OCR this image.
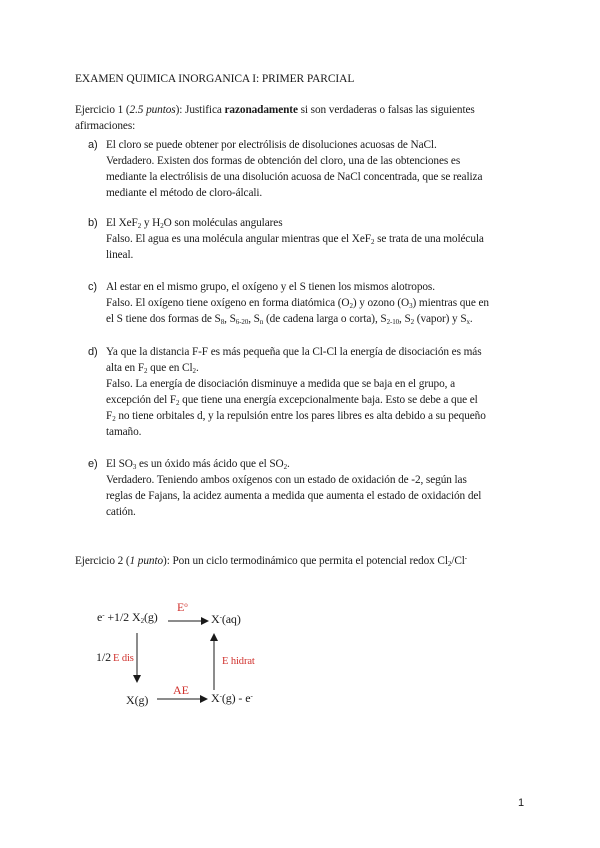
EXAMEN QUIMICA INORGANICA I: PRIMER PARCIAL
Ejercicio 1 (2.5 puntos): Justifica razonadamente si son verdaderas o falsas las siguientes
afirmaciones:
a) El cloro se puede obtener por electrólisis de disoluciones acuosas de NaCl.
Verdadero. Existen dos formas de obtención del cloro, una de las obtenciones es
mediante la electrólisis de una disolución acuosa de NaCl concentrada, que se realiza
mediante el método de cloro-álcali.
b) El XeF$_2$ y $H_2O$ son moléculas angulares
Falso. El agua es una molécula angular mientras que el XeF$_2$ se trata de una molécula
lineal.
c) Al estar en el mismo grupo, el oxígeno y el S tienen los mismos alotropos.
Falso. El oxígeno tiene oxígeno en forma diatómica $(O_2)$ y ozono $(O_3)$ mientras que en
el S tiene dos formas de $S_8$, $S_{6-20}$, $S_n$ (de cadena larga o corta), $S_{2-10}$, $S_2$ (vapor) y $S_x$.
d) Ya que la distancia F-F es más pequeña que la Cl-Cl la energía de disociación es más
alta en $F_2$ que en $Cl_2$.
Falso. La energía de disociación disminuye a medida que se baja en el grupo, a
excepción del $F_2$ que tiene una energía excepcionalmente baja. Esto se debe a que el
$F_2$ no tiene orbitales d, y la repulsión entre los pares libres es alta debido a su pequeño
tamaño.
e) El $SO_3$ es un óxido más ácido que el $SO_2$.
Verdadero. Teniendo ambos oxígenos con un estado de oxidación de -2, según las
reglas de Fajans, la acidez aumenta a medida que aumenta el estado de oxidación del
catión.
Ejercicio 2 (1 punto): Pon un ciclo termodinámico que permita el potencial redox $Cl_2/Cl^-$
e- +1/2 $X_2(g)$
$E^o$
X-(aq)
1/2 E dis	E hidrat
X(g)
AE
X-(g) - e-
1
